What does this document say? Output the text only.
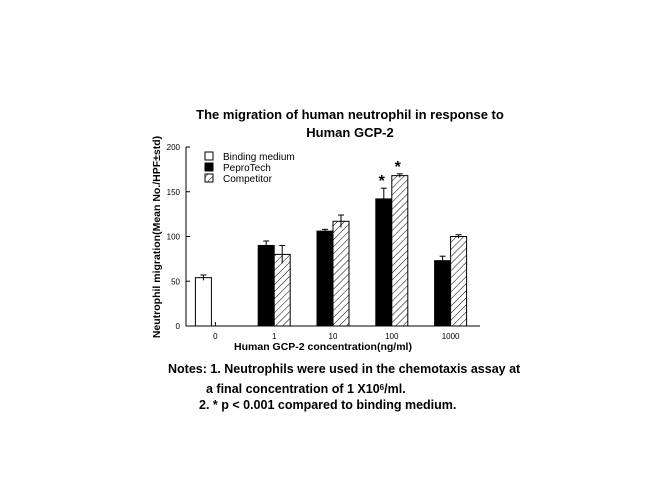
The migration of human neutrophil in response to
Human GCP-2
0
50
100
150
200
0	1	10	100	1000
*
*
Binding medium
PeproTech
Competitor
Neutrophil migration(Mean No./HPF±std)
Human GCP-2 concentration(ng/ml)
Notes: 1. Neutrophils were used in the chemotaxis assay at
a final concentration of 1 $X10^6/ml$.
2. * p < 0.001 compared to binding medium.
